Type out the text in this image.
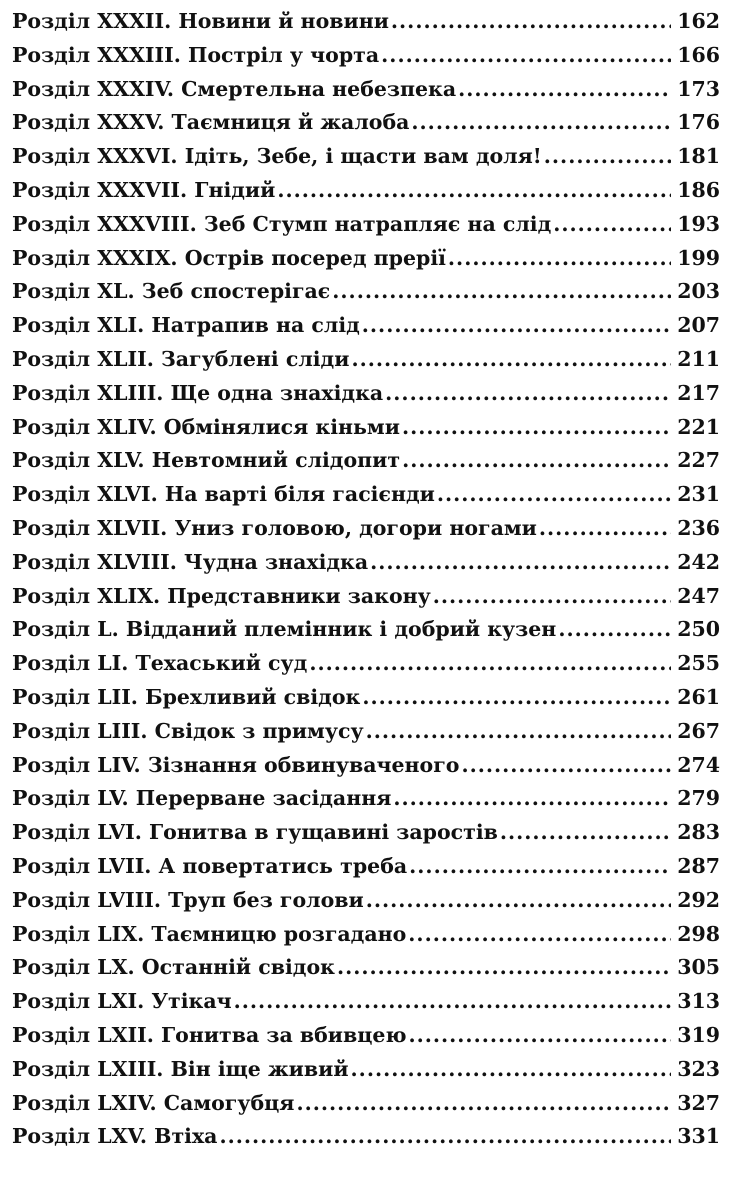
Розділ XXXII. Новини й новини .....	162
Розділ XXXIII. Постріл у чорта .....	166
Розділ XXXIV. Смертельна небезпека .....	173
Розділ XXXV. Таємниця й жалоба .....	176
Розділ XXXVI. Ідіть, Зебе, і щасти вам доля! .....	181
Розділ XXXVII. Гнідий .....	186
Розділ XXXVIII. Зеб Стумп натрапляє на слід .....	193
Розділ XXXIX. Острів посеред прерії .....	199
Розділ XL. Зеб спостерігає .....	203
Розділ XLI. Натрапив на слід .....	207
Розділ XLII. Загублені сліди .....	211
Розділ XLIII. Ще одна знахідка .....	217
Розділ XLIV. Обмінялися кіньми .....	221
Розділ XLV. Невтомний слідопит .....	227
Розділ XLVI. На варті біля гасієнди .....	231
Розділ XLVII. Униз головою, догори ногами .....	236
Розділ XLVIII. Чудна знахідка .....	242
Розділ XLIX. Представники закону .....	247
Розділ L. Відданий племінник і добрий кузен .....	250
Розділ LI. Техаський суд .....	255
Розділ LII. Брехливий свідок .....	261
Розділ LIII. Свідок з примусу .....	267
Розділ LIV. Зізнання обвинуваченого .....	274
Розділ LV. Перерване засідання .....	279
Розділ LVI. Гонитва в гущавині заростів .....	283
Розділ LVII. А повертатись треба .....	287
Розділ LVIII. Труп без голови .....	292
Розділ LIX. Таємницю розгадано .....	298
Розділ LX. Останній свідок .....	305
Розділ LXI. Утікач .....	313
Розділ LXII. Гонитва за вбивцею .....	319
Розділ LXIII. Він іще живий .....	323
Розділ LXIV. Самогубця .....	327
Розділ LXV. Втіха .....	331
